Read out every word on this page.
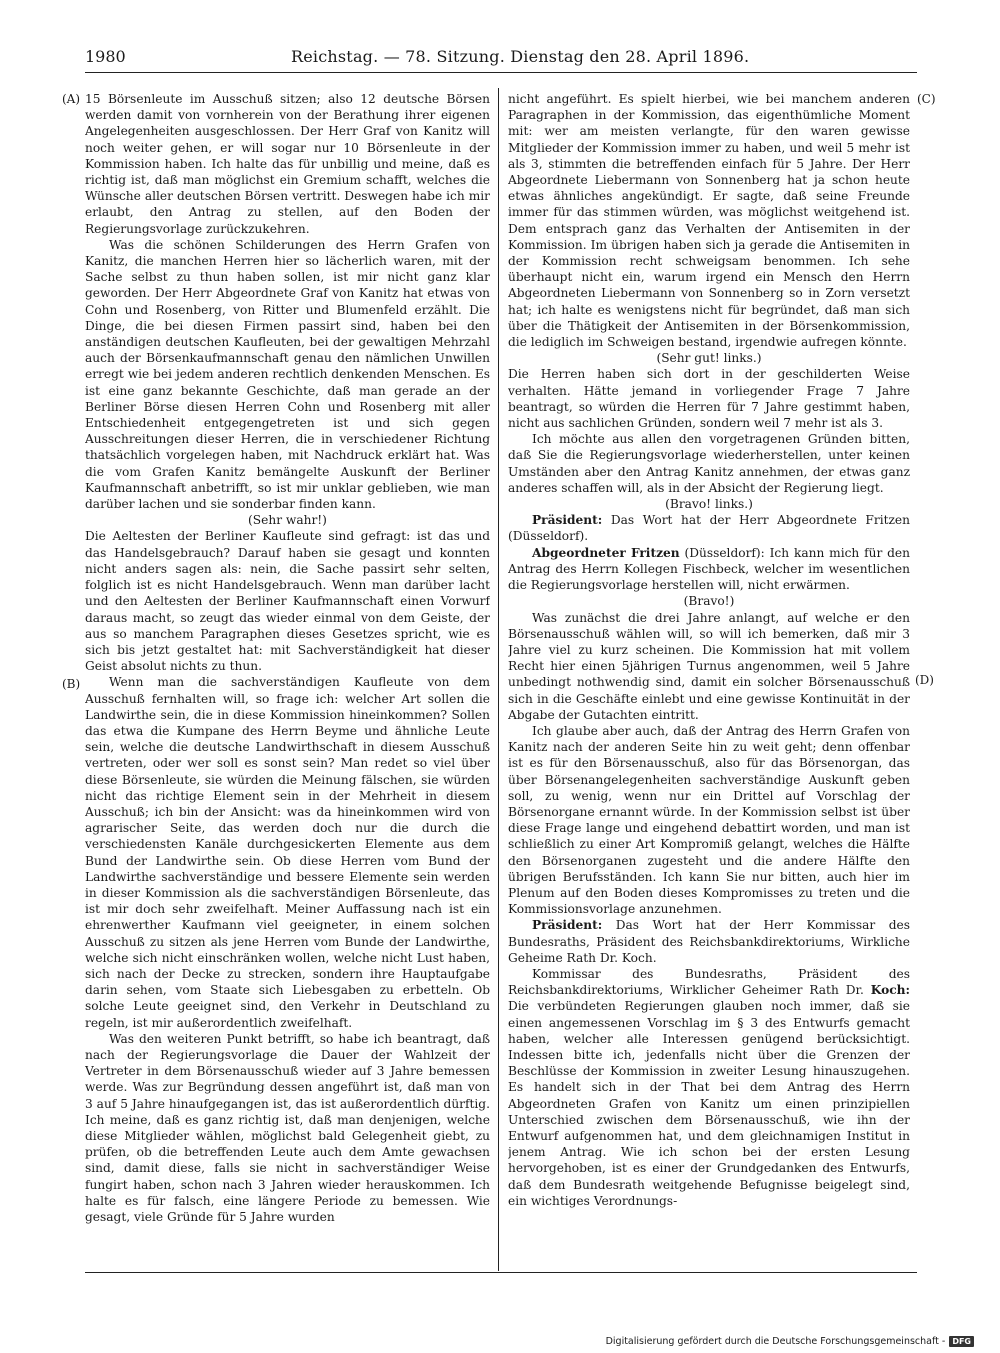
1980	Reichstag. — 78. Sitzung. Dienstag den 28. April 1896.
(A)
(B)
(C)
(D)

15 Börsenleute im Ausschuß sitzen; also 12 deutsche Börsen werden damit von vornherein von der Berathung ihrer eigenen Angelegenheiten ausgeschlossen. Der Herr Graf von Kanitz will noch weiter gehen, er will sogar nur 10 Börsenleute in der Kommission haben. Ich halte das für unbillig und meine, daß es richtig ist, daß man möglichst ein Gremium schafft, welches die Wünsche aller deutschen Börsen vertritt. Deswegen habe ich mir erlaubt, den Antrag zu stellen, auf den Boden der Regierungsvorlage zurückzukehren.

Was die schönen Schilderungen des Herrn Grafen von Kanitz, die manchen Herren hier so lächerlich waren, mit der Sache selbst zu thun haben sollen, ist mir nicht ganz klar geworden. Der Herr Abgeordnete Graf von Kanitz hat etwas von Cohn und Rosenberg, von Ritter und Blumenfeld erzählt. Die Dinge, die bei diesen Firmen passirt sind, haben bei den anständigen deutschen Kaufleuten, bei der gewaltigen Mehrzahl auch der Börsenkaufmannschaft genau den nämlichen Unwillen erregt wie bei jedem anderen rechtlich denkenden Menschen. Es ist eine ganz bekannte Geschichte, daß man gerade an der Berliner Börse diesen Herren Cohn und Rosenberg mit aller Entschiedenheit entgegengetreten ist und sich gegen Ausschreitungen dieser Herren, die in verschiedener Richtung thatsächlich vorgelegen haben, mit Nachdruck erklärt hat. Was die vom Grafen Kanitz bemängelte Auskunft der Berliner Kaufmannschaft anbetrifft, so ist mir unklar geblieben, wie man darüber lachen und sie sonderbar finden kann.

(Sehr wahr!)

Die Aeltesten der Berliner Kaufleute sind gefragt: ist das und das Handelsgebrauch? Darauf haben sie gesagt und konnten nicht anders sagen als: nein, die Sache passirt sehr selten, folglich ist es nicht Handelsgebrauch. Wenn man darüber lacht und den Aeltesten der Berliner Kaufmannschaft einen Vorwurf daraus macht, so zeugt das wieder einmal von dem Geiste, der aus so manchem Paragraphen dieses Gesetzes spricht, wie es sich bis jetzt gestaltet hat: mit Sachverständigkeit hat dieser Geist absolut nichts zu thun.

Wenn man die sachverständigen Kaufleute von dem Ausschuß fernhalten will, so frage ich: welcher Art sollen die Landwirthe sein, die in diese Kommission hineinkommen? Sollen das etwa die Kumpane des Herrn Beyme und ähnliche Leute sein, welche die deutsche Landwirthschaft in diesem Ausschuß vertreten, oder wer soll es sonst sein? Man redet so viel über diese Börsenleute, sie würden die Meinung fälschen, sie würden nicht das richtige Element sein in der Mehrheit in diesem Ausschuß; ich bin der Ansicht: was da hineinkommen wird von agrarischer Seite, das werden doch nur die durch die verschiedensten Kanäle durchgesickerten Elemente aus dem Bund der Landwirthe sein. Ob diese Herren vom Bund der Landwirthe sachverständige und bessere Elemente sein werden in dieser Kommission als die sachverständigen Börsenleute, das ist mir doch sehr zweifelhaft. Meiner Auffassung nach ist ein ehrenwerther Kaufmann viel geeigneter, in einem solchen Ausschuß zu sitzen als jene Herren vom Bunde der Landwirthe, welche sich nicht einschränken wollen, welche nicht Lust haben, sich nach der Decke zu strecken, sondern ihre Hauptaufgabe darin sehen, vom Staate sich Liebesgaben zu erbetteln. Ob solche Leute geeignet sind, den Verkehr in Deutschland zu regeln, ist mir außerordentlich zweifelhaft.

Was den weiteren Punkt betrifft, so habe ich beantragt, daß nach der Regierungsvorlage die Dauer der Wahlzeit der Vertreter in dem Börsenausschuß wieder auf 3 Jahre bemessen werde. Was zur Begründung dessen angeführt ist, daß man von 3 auf 5 Jahre hinaufgegangen ist, das ist außerordentlich dürftig. Ich meine, daß es ganz richtig ist, daß man denjenigen, welche diese Mitglieder wählen, möglichst bald Gelegenheit giebt, zu prüfen, ob die betreffenden Leute auch dem Amte gewachsen sind, damit diese, falls sie nicht in sachverständiger Weise fungirt haben, schon nach 3 Jahren wieder herauskommen. Ich halte es für falsch, eine längere Periode zu bemessen. Wie gesagt, viele Gründe für 5 Jahre wurden

nicht angeführt. Es spielt hierbei, wie bei manchem anderen Paragraphen in der Kommission, das eigenthümliche Moment mit: wer am meisten verlangte, für den waren gewisse Mitglieder der Kommission immer zu haben, und weil 5 mehr ist als 3, stimmten die betreffenden einfach für 5 Jahre. Der Herr Abgeordnete Liebermann von Sonnenberg hat ja schon heute etwas ähnliches angekündigt. Er sagte, daß seine Freunde immer für das stimmen würden, was möglichst weitgehend ist. Dem entsprach ganz das Verhalten der Antisemiten in der Kommission. Im übrigen haben sich ja gerade die Antisemiten in der Kommission recht schweigsam benommen. Ich sehe überhaupt nicht ein, warum irgend ein Mensch den Herrn Abgeordneten Liebermann von Sonnenberg so in Zorn versetzt hat; ich halte es wenigstens nicht für begründet, daß man sich über die Thätigkeit der Antisemiten in der Börsenkommission, die lediglich im Schweigen bestand, irgendwie aufregen könnte.

(Sehr gut! links.)

Die Herren haben sich dort in der geschilderten Weise verhalten. Hätte jemand in vorliegender Frage 7 Jahre beantragt, so würden die Herren für 7 Jahre gestimmt haben, nicht aus sachlichen Gründen, sondern weil 7 mehr ist als 3.

Ich möchte aus allen den vorgetragenen Gründen bitten, daß Sie die Regierungsvorlage wiederherstellen, unter keinen Umständen aber den Antrag Kanitz annehmen, der etwas ganz anderes schaffen will, als in der Absicht der Regierung liegt.

(Bravo! links.)

Präsident: Das Wort hat der Herr Abgeordnete Fritzen (Düsseldorf).

Abgeordneter Fritzen (Düsseldorf): Ich kann mich für den Antrag des Herrn Kollegen Fischbeck, welcher im wesentlichen die Regierungsvorlage herstellen will, nicht erwärmen.

(Bravo!)

Was zunächst die drei Jahre anlangt, auf welche er den Börsenausschuß wählen will, so will ich bemerken, daß mir 3 Jahre viel zu kurz scheinen. Die Kommission hat mit vollem Recht hier einen 5jährigen Turnus angenommen, weil 5 Jahre unbedingt nothwendig sind, damit ein solcher Börsenausschuß sich in die Geschäfte einlebt und eine gewisse Kontinuität in der Abgabe der Gutachten eintritt.

Ich glaube aber auch, daß der Antrag des Herrn Grafen von Kanitz nach der anderen Seite hin zu weit geht; denn offenbar ist es für den Börsenausschuß, also für das Börsenorgan, das über Börsenangelegenheiten sachverständige Auskunft geben soll, zu wenig, wenn nur ein Drittel auf Vorschlag der Börsenorgane ernannt würde. In der Kommission selbst ist über diese Frage lange und eingehend debattirt worden, und man ist schließlich zu einer Art Kompromiß gelangt, welches die Hälfte den Börsenorganen zugesteht und die andere Hälfte den übrigen Berufsständen. Ich kann Sie nur bitten, auch hier im Plenum auf den Boden dieses Kompromisses zu treten und die Kommissionsvorlage anzunehmen.

Präsident: Das Wort hat der Herr Kommissar des Bundesraths, Präsident des Reichsbankdirektoriums, Wirkliche Geheime Rath Dr. Koch.

Kommissar des Bundesraths, Präsident des Reichsbankdirektoriums, Wirklicher Geheimer Rath Dr. Koch: Die verbündeten Regierungen glauben noch immer, daß sie einen angemessenen Vorschlag im § 3 des Entwurfs gemacht haben, welcher alle Interessen genügend berücksichtigt. Indessen bitte ich, jedenfalls nicht über die Grenzen der Beschlüsse der Kommission in zweiter Lesung hinauszugehen. Es handelt sich in der That bei dem Antrag des Herrn Abgeordneten Grafen von Kanitz um einen prinzipiellen Unterschied zwischen dem Börsenausschuß, wie ihn der Entwurf aufgenommen hat, und dem gleichnamigen Institut in jenem Antrag. Wie ich schon bei der ersten Lesung hervorgehoben, ist es einer der Grundgedanken des Entwurfs, daß dem Bundesrath weitgehende Befugnisse beigelegt sind, ein wichtiges Verordnungs-

Digitalisierung gefördert durch die Deutsche Forschungsgemeinschaft - DFG
